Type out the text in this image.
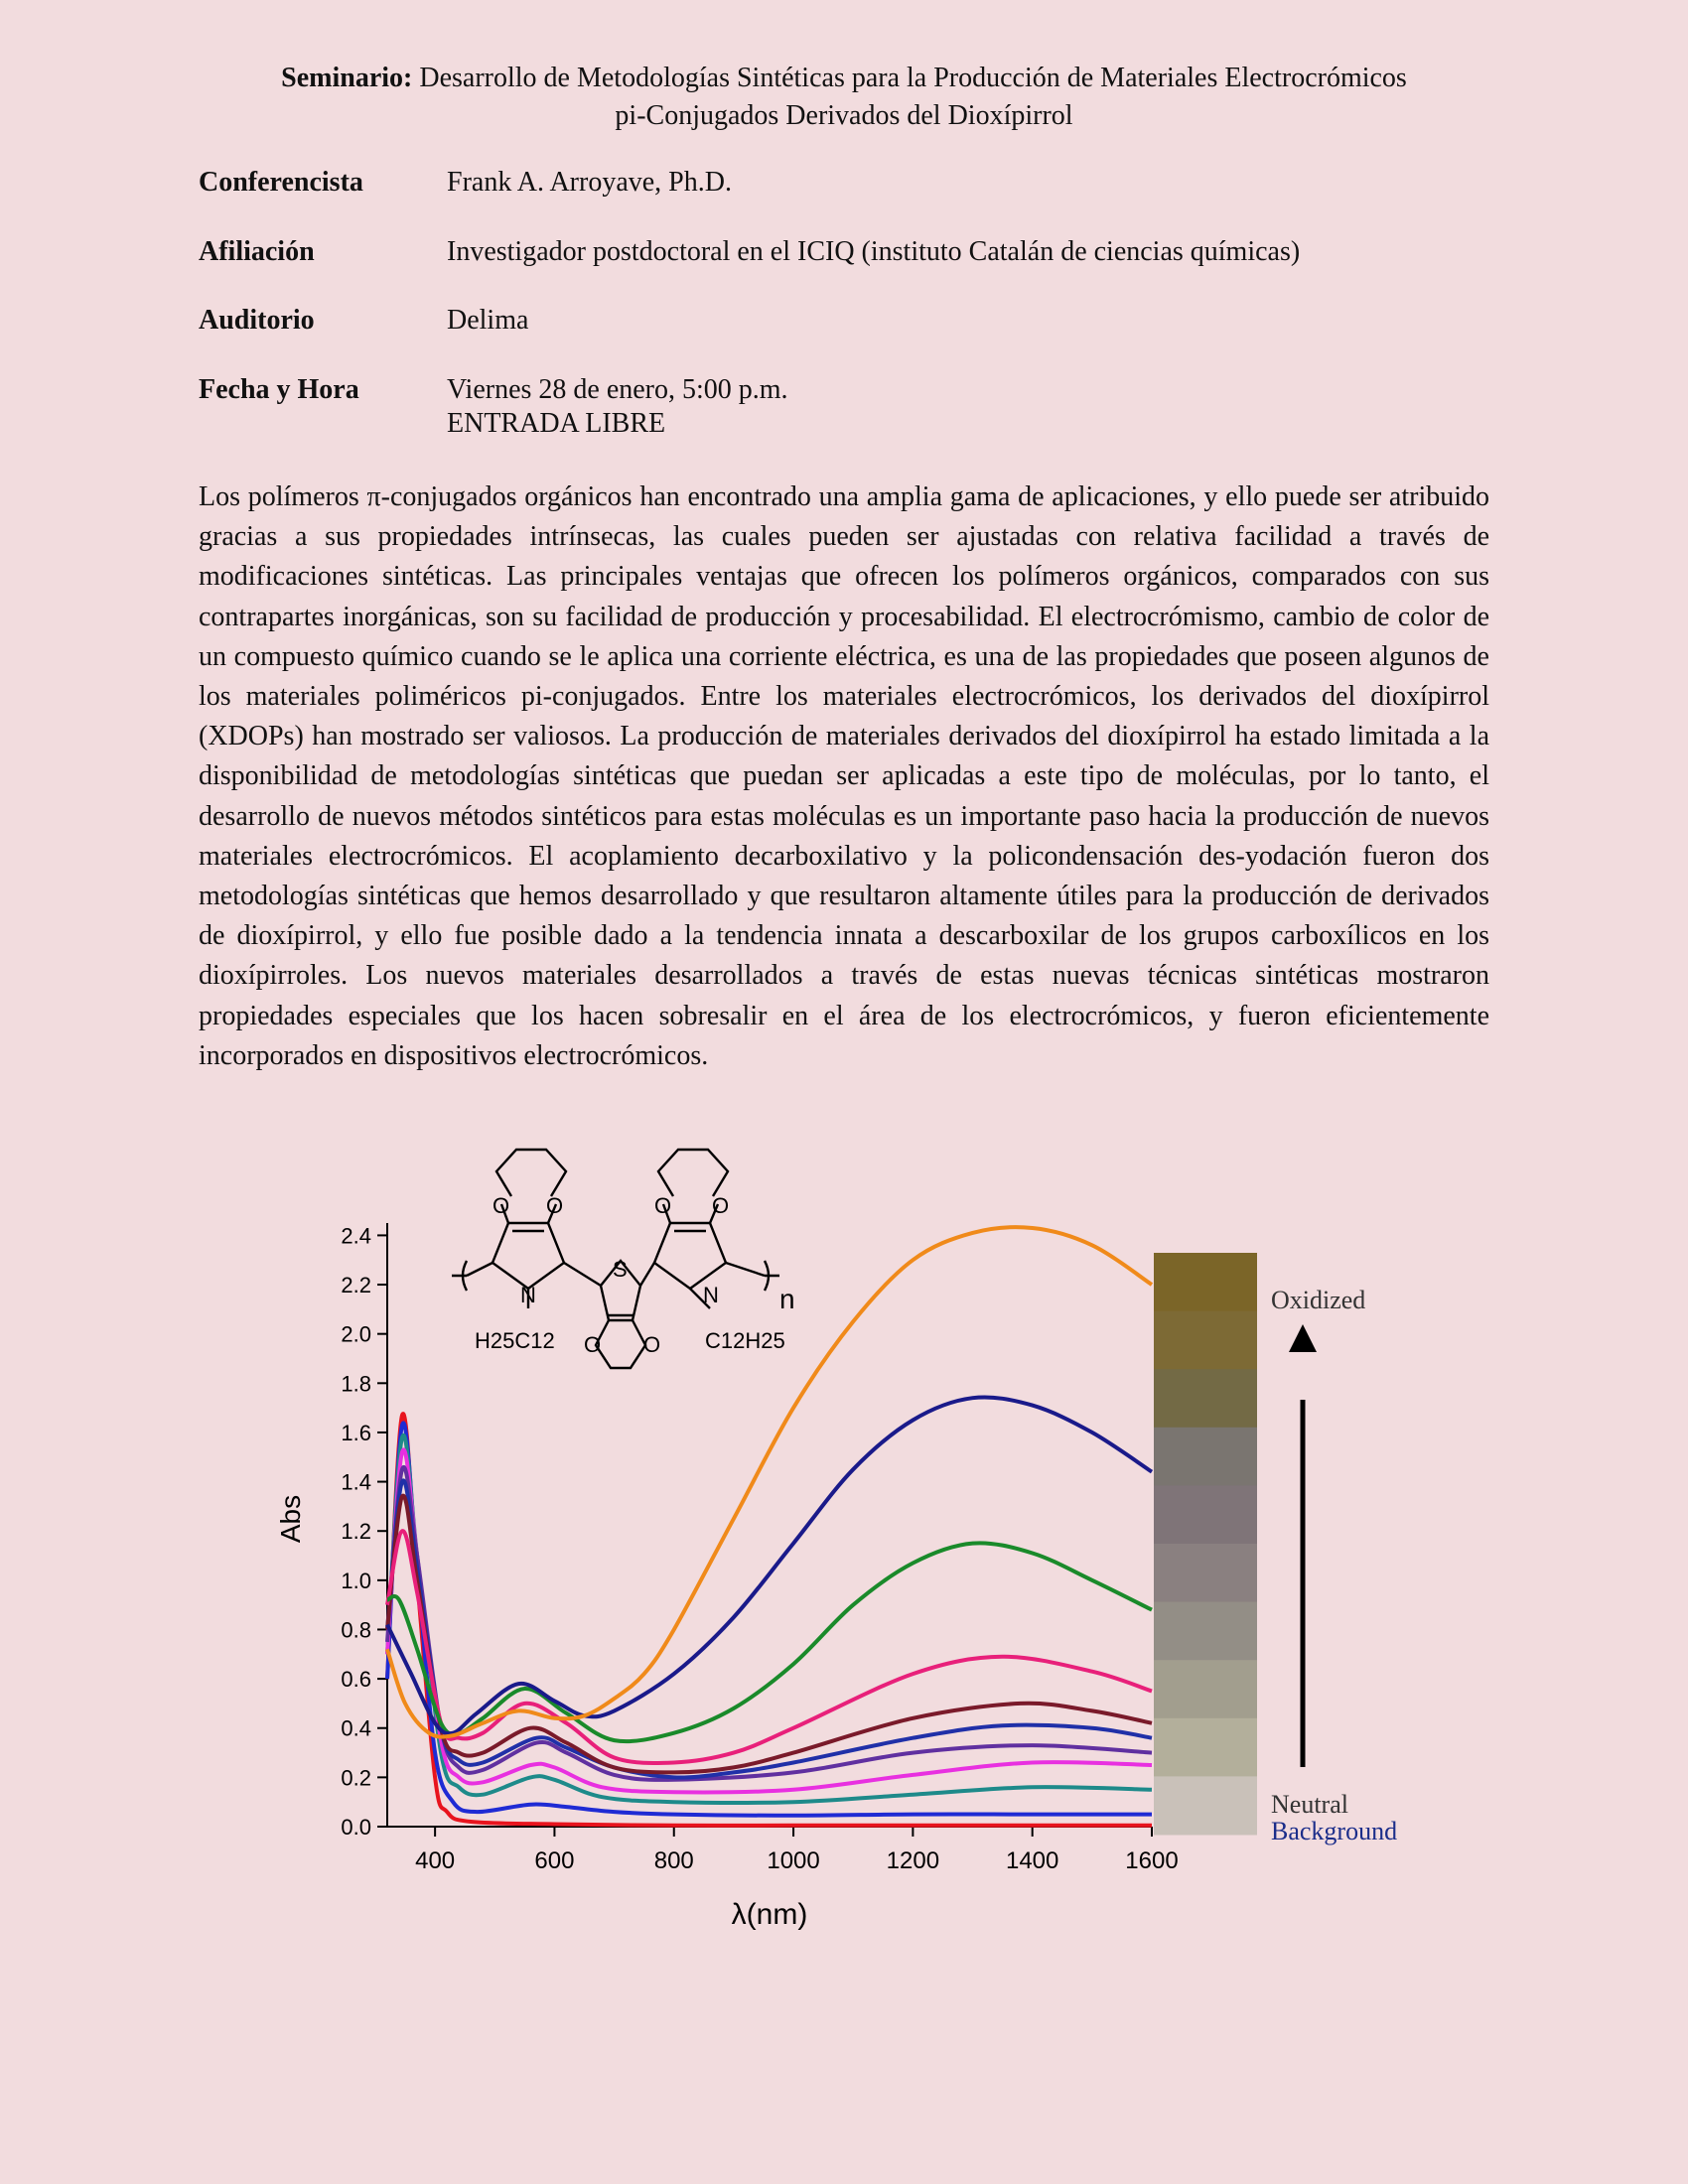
Seminario: Desarrollo de Metodologías Sintéticas para la Producción de Materiales Electrocrómicos
pi-Conjugados Derivados del Dioxípirrol
Conferencista	Frank A. Arroyave, Ph.D.
Afiliación	Investigador postdoctoral en el ICIQ (instituto Catalán de ciencias químicas)
Auditorio	Delima
Fecha y Hora	Viernes 28 de enero, 5:00 p.m.
ENTRADA LIBRE
Los polímeros π-conjugados orgánicos han encontrado una amplia gama de aplicaciones, y ello puede ser atribuido gracias a sus propiedades intrínsecas, las cuales pueden ser ajustadas con relativa facilidad a través de modificaciones sintéticas. Las principales ventajas que ofrecen los polímeros orgánicos, comparados con sus contrapartes inorgánicas, son su facilidad de producción y procesabilidad. El electrocrómismo, cambio de color de un compuesto químico cuando se le aplica una corriente eléctrica, es una de las propiedades que poseen algunos de los materiales poliméricos pi-conjugados. Entre los materiales electrocrómicos, los derivados del dioxípirrol (XDOPs) han mostrado ser valiosos. La producción de materiales derivados del dioxípirrol ha estado limitada a la disponibilidad de metodologías sintéticas que puedan ser aplicadas a este tipo de moléculas, por lo tanto, el desarrollo de nuevos métodos sintéticos para estas moléculas es un importante paso hacia la producción de nuevos materiales electrocrómicos. El acoplamiento decarboxilativo y la policondensación des-yodación fueron dos metodologías sintéticas que hemos desarrollado y que resultaron altamente útiles para la producción de derivados de dioxípirrol, y ello fue posible dado a la tendencia innata a descarboxilar de los grupos carboxílicos en los dioxípirroles. Los nuevos materiales desarrollados a través de estas nuevas técnicas sintéticas mostraron propiedades especiales que los hacen sobresalir en el área de los electrocrómicos, y fueron eficientemente incorporados en dispositivos electrocrómicos.
O O	O O
O O
S
N	N n
H25C12	C12H25
400	600	800	1000	1200	1400	1600
0.0
0.2
0.4
0.6
0.8
1.0
1.2
1.4
1.6
1.8
2.0
2.2
2.4
Abs
λ(nm)
Oxidized
Neutral
Background
